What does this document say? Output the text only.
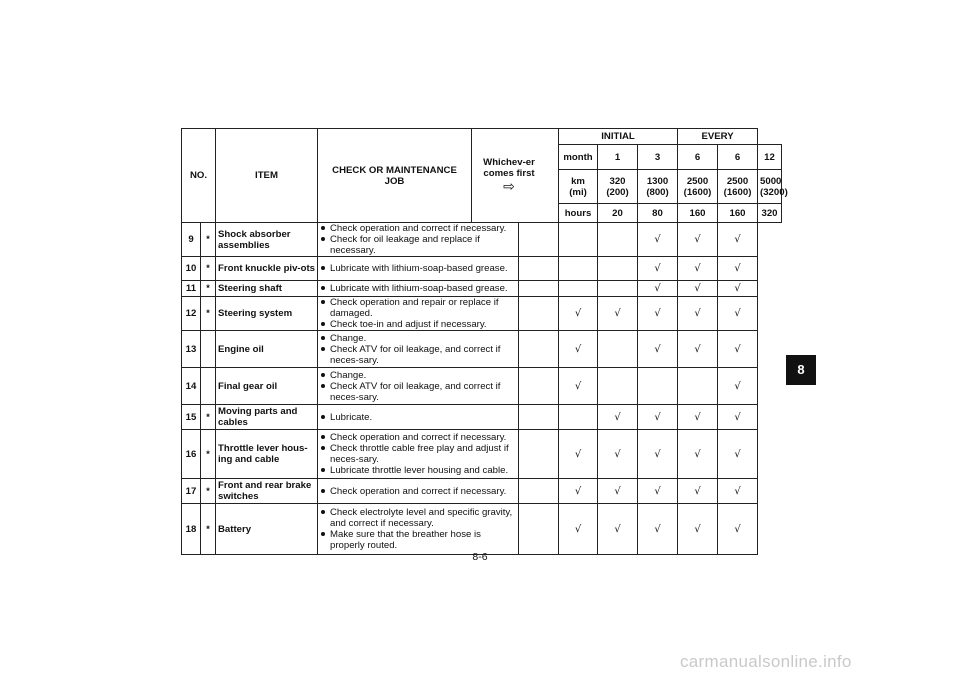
NO.		ITEM	CHECK OR MAINTENANCE JOB	Whichev-er comes first
⇨		INITIAL			EVERY		
						month	1	3	6	6	12
						km (mi)	320 (200)	1300 (800)	2500 (1600)	2500 (1600)	5000 (3200)
						hours	20	80	160	160	320
9	*	Shock absorber assemblies	Check operation and correct if necessary.
Check for oil leakage and replace if necessary.					√	√	√	
10	*	Front knuckle piv-ots	Lubricate with lithium-soap-based grease.					√	√	√	
11	*	Steering shaft	Lubricate with lithium-soap-based grease.					√	√	√	
12	*	Steering system	Check operation and repair or replace if damaged.
Check toe-in and adjust if necessary.			√	√	√	√	√	
13		Engine oil	Change.
Check ATV for oil leakage, and correct if neces-sary.			√		√	√	√	
14		Final gear oil	Change.
Check ATV for oil leakage, and correct if neces-sary.			√				√	
15	*	Moving parts and cables	Lubricate.				√	√	√	√	
16	*	Throttle lever hous-ing and cable	Check operation and correct if necessary.
Check throttle cable free play and adjust if neces-sary.
Lubricate throttle lever housing and cable.			√	√	√	√	√	
17	*	Front and rear brake switches	Check operation and correct if necessary.			√	√	√	√	√	
18	*	Battery	Check electrolyte level and specific gravity, and correct if necessary.
Make sure that the breather hose is properly routed.			√	√	√	√	√	
8
8-6
carmanualsonline.info
